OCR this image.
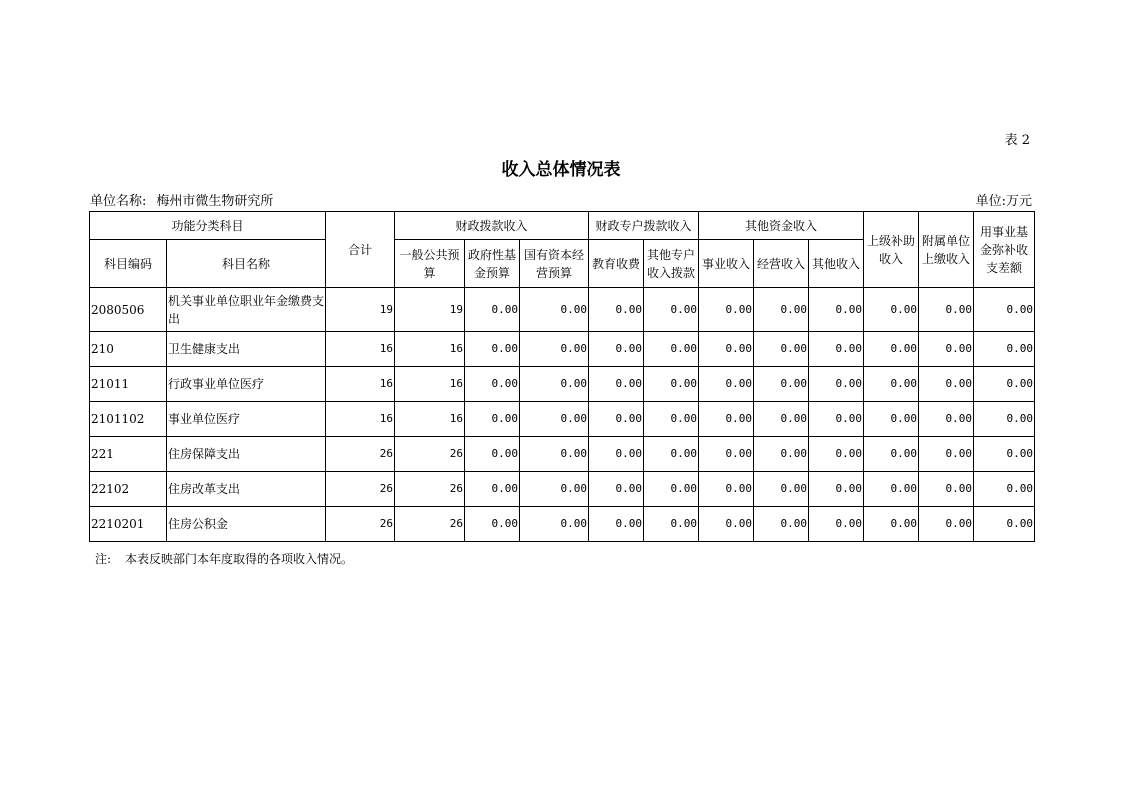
表 2
收入总体情况表
单位名称: 梅州市微生物研究所	单位:万元
功能分类科目		合计	财政拨款收入			财政专户拨款收入		其他资金收入			上级补助收入	附属单位上缴收入	用事业基金弥补收支差额
科目编码	科目名称		一般公共预算	政府性基金预算	国有资本经营预算	教育收费	其他专户收入拨款	事业收入	经营收入	其他收入			
2080506	机关事业单位职业年金缴费支出	19	19	0.00	0.00	0.00	0.00	0.00	0.00	0.00	0.00	0.00	0.00
210	卫生健康支出	16	16	0.00	0.00	0.00	0.00	0.00	0.00	0.00	0.00	0.00	0.00
21011	行政事业单位医疗	16	16	0.00	0.00	0.00	0.00	0.00	0.00	0.00	0.00	0.00	0.00
2101102	事业单位医疗	16	16	0.00	0.00	0.00	0.00	0.00	0.00	0.00	0.00	0.00	0.00
221	住房保障支出	26	26	0.00	0.00	0.00	0.00	0.00	0.00	0.00	0.00	0.00	0.00
22102	住房改革支出	26	26	0.00	0.00	0.00	0.00	0.00	0.00	0.00	0.00	0.00	0.00
2210201	住房公积金	26	26	0.00	0.00	0.00	0.00	0.00	0.00	0.00	0.00	0.00	0.00
注: 本表反映部门本年度取得的各项收入情况。
